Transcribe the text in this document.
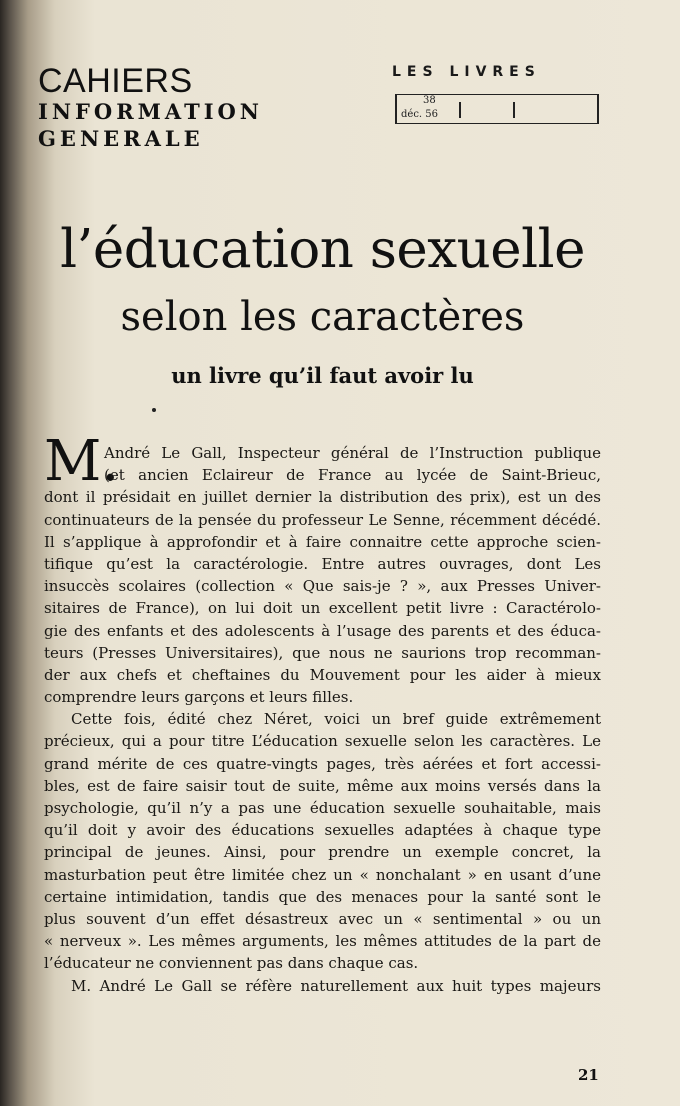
CAHIERS
INFORMATION
GENERALE
LES LIVRES
38
déc. 56
l’éducation sexuelle
selon les caractères
un livre qu’il faut avoir lu
M.
André Le Gall, Inspecteur général de l’Instruction publique
(et ancien Eclaireur de France au lycée de Saint-Brieuc,
dont il présidait en juillet dernier la distribution des prix), est un des
continuateurs de la pensée du professeur Le Senne, récemment décédé.
Il s’applique à approfondir et à faire connaitre cette approche scien-
tifique qu’est la caractérologie. Entre autres ouvrages, dont Les
insuccès scolaires (collection « Que sais-je ? », aux Presses Univer-
sitaires de France), on lui doit un excellent petit livre : Caractérolo-
gie des enfants et des adolescents à l’usage des parents et des éduca-
teurs (Presses Universitaires), que nous ne saurions trop recomman-
der aux chefs et cheftaines du Mouvement pour les aider à mieux
comprendre leurs garçons et leurs filles.
Cette fois, édité chez Néret, voici un bref guide extrêmement
précieux, qui a pour titre L’éducation sexuelle selon les caractères. Le
grand mérite de ces quatre-vingts pages, très aérées et fort accessi-
bles, est de faire saisir tout de suite, même aux moins versés dans la
psychologie, qu’il n’y a pas une éducation sexuelle souhaitable, mais
qu’il doit y avoir des éducations sexuelles adaptées à chaque type
principal de jeunes. Ainsi, pour prendre un exemple concret, la
masturbation peut être limitée chez un « nonchalant » en usant d’une
certaine intimidation, tandis que des menaces pour la santé sont le
plus souvent d’un effet désastreux avec un « sentimental » ou un
« nerveux ». Les mêmes arguments, les mêmes attitudes de la part de
l’éducateur ne conviennent pas dans chaque cas.
M. André Le Gall se réfère naturellement aux huit types majeurs
21
